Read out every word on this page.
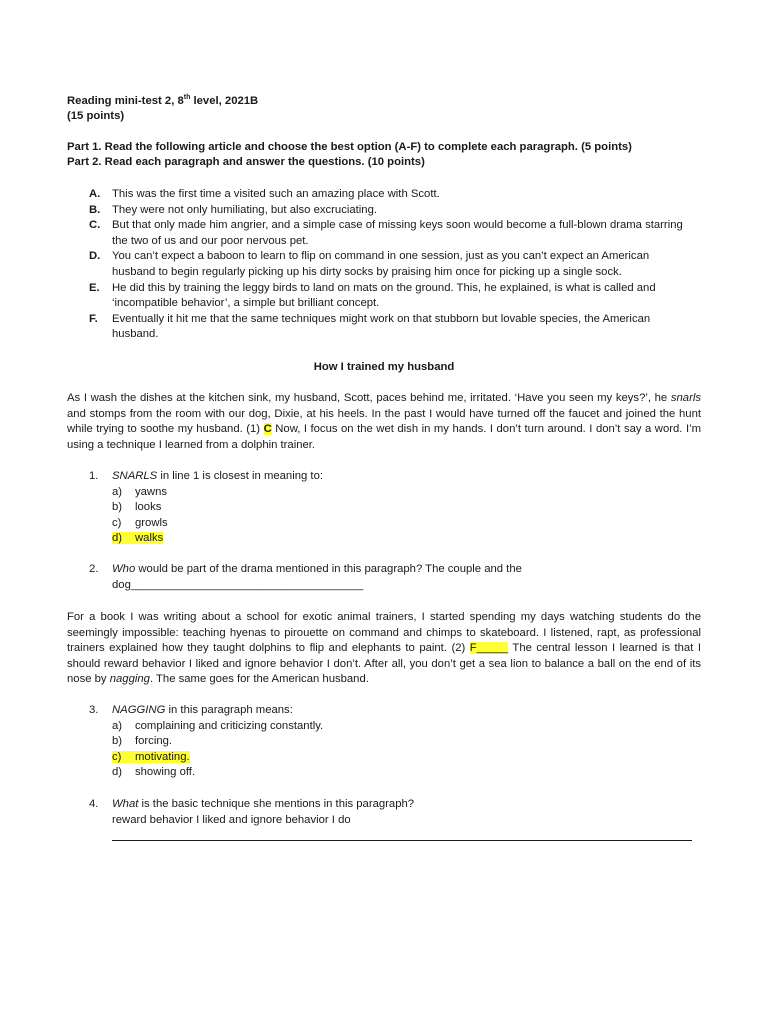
Reading mini-test 2, 8th level, 2021B
(15 points)
Part 1. Read the following article and choose the best option (A-F) to complete each paragraph. (5 points)
Part 2. Read each paragraph and answer the questions. (10 points)
A. This was the first time a visited such an amazing place with Scott.
B. They were not only humiliating, but also excruciating.
C. But that only made him angrier, and a simple case of missing keys soon would become a full-blown drama starring the two of us and our poor nervous pet.
D. You can’t expect a baboon to learn to flip on command in one session, just as you can’t expect an American husband to begin regularly picking up his dirty socks by praising him once for picking up a single sock.
E. He did this by training the leggy birds to land on mats on the ground. This, he explained, is what is called and ‘incompatible behavior’, a simple but brilliant concept.
F. Eventually it hit me that the same techniques might work on that stubborn but lovable species, the American husband.
How I trained my husband

As I wash the dishes at the kitchen sink, my husband, Scott, paces behind me, irritated. ‘Have you seen my keys?’, he snarls and stomps from the room with our dog, Dixie, at his heels. In the past I would have turned off the faucet and joined the hunt while trying to soothe my husband. (1) C Now, I focus on the wet dish in my hands. I don’t turn around. I don’t say a word. I’m using a technique I learned from a dolphin trainer.

1. SNARLS in line 1 is closest in meaning to:
a) yawns
b) looks
c) growls
d) walks
2. Who would be part of the drama mentioned in this paragraph? The couple and the
dog_____________________________________

For a book I was writing about a school for exotic animal trainers, I started spending my days watching students do the seemingly impossible: teaching hyenas to pirouette on command and chimps to skateboard. I listened, rapt, as professional trainers explained how they taught dolphins to flip and elephants to paint. (2) F_____ The central lesson I learned is that I should reward behavior I liked and ignore behavior I don’t. After all, you don’t get a sea lion to balance a ball on the end of its nose by nagging. The same goes for the American husband.

3. NAGGING in this paragraph means:
a) complaining and criticizing constantly.
b) forcing.
c) motivating.
d) showing off.
4. What is the basic technique she mentions in this paragraph?
reward behavior I liked and ignore behavior I do
